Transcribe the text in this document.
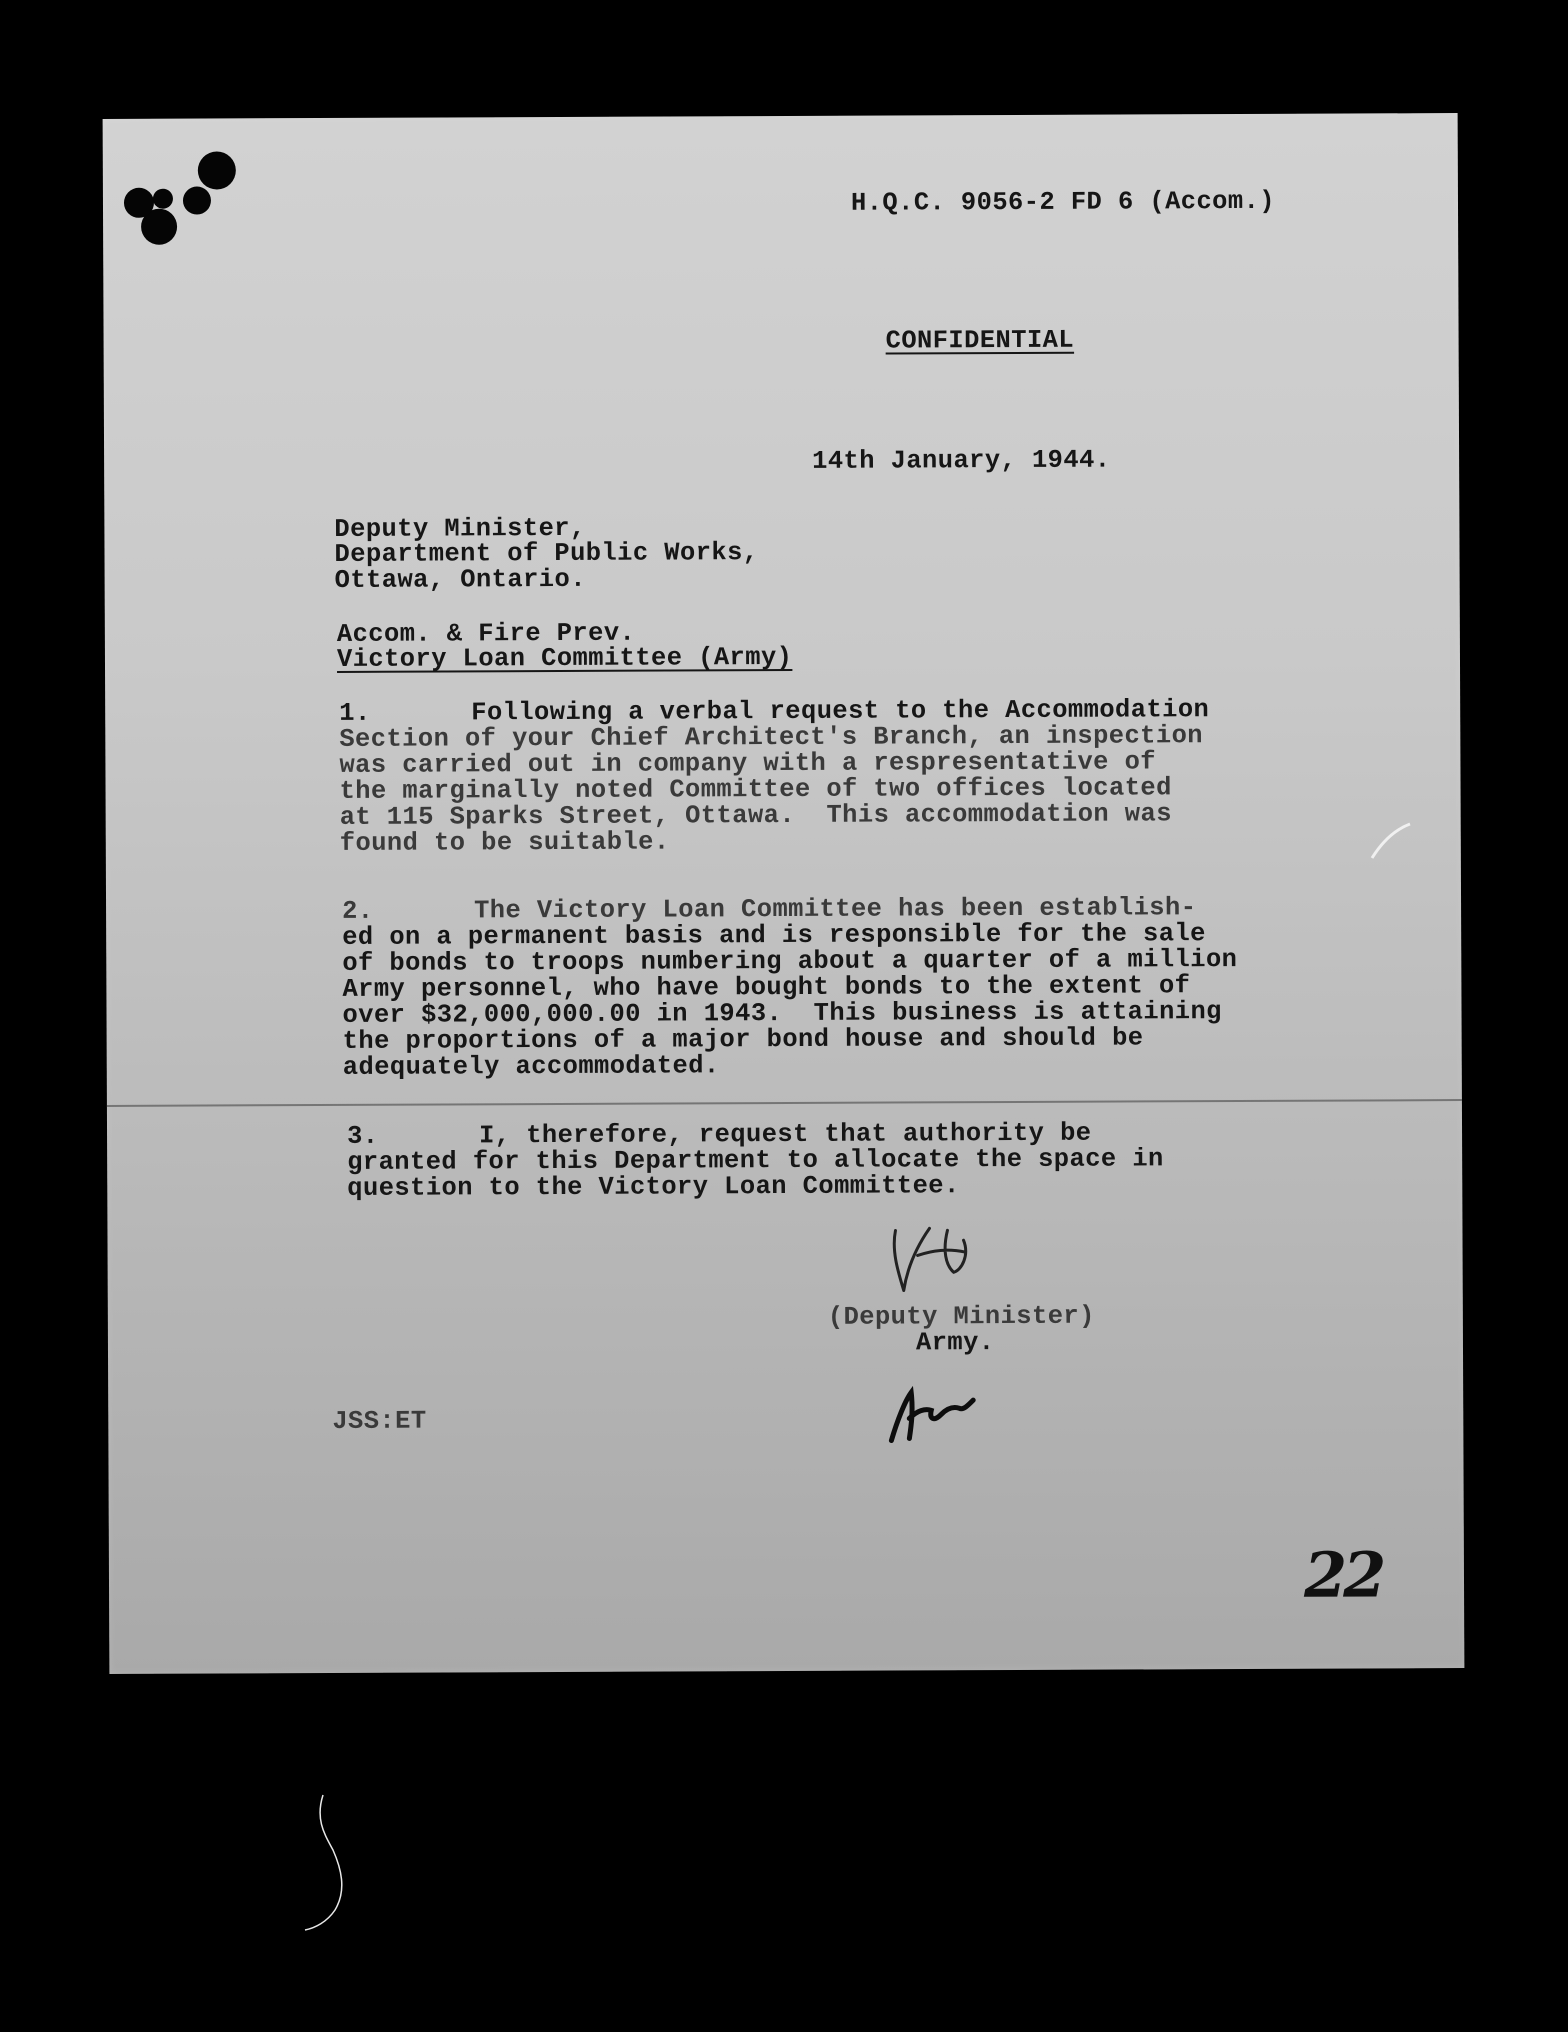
H.Q.C. 9056-2 FD 6 (Accom.)
CONFIDENTIAL
14th January, 1944.
Deputy Minister,
Department of Public Works,
Ottawa, Ontario.
Accom. & Fire Prev.
Victory Loan Committee (Army)
1.	Following a verbal request to the Accommodation
Section of your Chief Architect's Branch, an inspection
was carried out in company with a respresentative of
the marginally noted Committee of two offices located
at 115 Sparks Street, Ottawa.  This accommodation was
found to be suitable.
2.	The Victory Loan Committee has been establish-
ed on a permanent basis and is responsible for the sale
of bonds to troops numbering about a quarter of a million
Army personnel, who have bought bonds to the extent of
over $32,000,000.00 in 1943.  This business is attaining
the proportions of a major bond house and should be
adequately accommodated.
3.	I, therefore, request that authority be
granted for this Department to allocate the space in
question to the Victory Loan Committee.
(Deputy Minister)
Army.
JSS:ET
22
